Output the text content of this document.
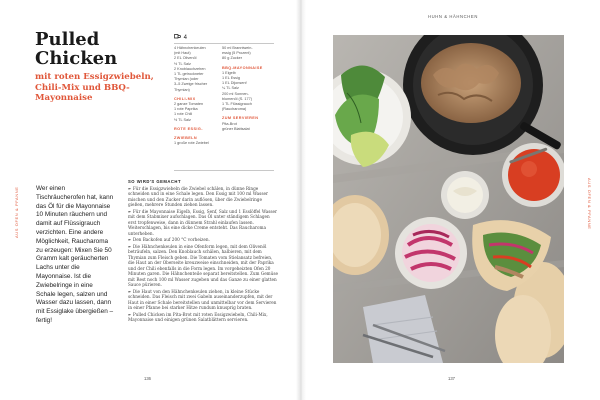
AUS OFEN & PFANNE
Pulled
Chicken

mit roten Essigzwiebeln, Chili-Mix und BBQ-Mayonnaise

4
4 Hähnchenkeulen
(mit Haut)
2 EL Olivenöl
½ TL Salz
2 Knoblauchzehen
1 TL getrockneter
Thymian (oder
3–5 Zweige frischer
Thymian)
CHILI-MIX
2 ganze Tomaten
1 rote Paprika
1 rote Chili
½ TL Salz
ROTE ESSIG-
ZWIEBELN
1 große rote Zwiebel
50 ml Branntwein-
essig (5 Prozent)
80 g Zucker
BBQ-MAYONNAISE
1 Eigelb
1 EL Essig
1 EL Dijonsenf
¼ TL Salz
200 ml Sonnen-
blumenöl (S. 177)
1 TL Flüssigrauch
(Raucharoma)
ZUM SERVIEREN
Pita-Brot
grüner Blattsalat

Wer einen Tischräucherofen hat, kann das Öl für die Mayonnaise 10 Minuten räuchern und damit auf Flüssigrauch verzichten. Eine andere Möglichkeit, Raucharoma zu erzeugen: Mixen Sie 50 Gramm kalt geräucherten Lachs unter die Mayonnaise. Ist die Zwiebelringe in eine Schale legen, salzen und Wasser dazu lassen, dann mit Essiglake übergießen – fertig!

SO WIRD'S GEMACHT

➼ Für die Essigzwiebeln die Zwiebel schälen, in dünne Ringe schneiden und in eine Schale legen. Den Essig mit 100 ml Wasser mischen und den Zucker darin auflösen, über die Zwiebelringe gießen, mehrere Stunden ziehen lassen.

➼ Für die Mayonnaise Eigelb, Essig, Senf, Salz und 1 Esslöffel Wasser mit dem Stabmixer aufschlagen. Das Öl unter ständigem Schlagen erst tropfenweise, dann in dünnem Strahl einlaufen lassen. Weiterschlagen, bis eine dicke Creme entsteht. Das Raucharoma unterheben.

➼ Den Backofen auf 200 °C vorheizen.

➼ Die Hähnchenkeulen in eine Ofenform legen, mit dem Olivenöl beträufeln, salzen. Den Knoblauch schälen, halbieren, mit dem Thymian zum Fleisch geben. Die Tomaten vom Stielansatz befreien, die Haut an der Oberseite kreuzweise einschneiden, mit der Paprika und der Chili ebenfalls in die Form legen. Im vorgeheizten Ofen 20 Minuten garen. Die Hähnchenteile separat bereitstellen. Zum Gemüse mit Rest noch 100 ml Wasser zugeben und das Ganze zu einer glatten Sauce pürieren.

➼ Die Haut von den Hähnchenkeulen ziehen, in kleine Stücke schneiden. Das Fleisch mit zwei Gabeln auseinanderzupfen, mit der Haut in einer Schale bereitstellen und unmittelbar vor dem Servieren in einer Pfanne bei starker Hitze rundum knusprig braten.

➼ Pulled Chicken im Pita-Brot mit roten Essigzwiebeln, Chili-Mix, Mayonnaise und einigen grünen Salatblättern servieren.

136
HUHN & HÄHNCHEN
AUS OFEN & PFANNE
137
